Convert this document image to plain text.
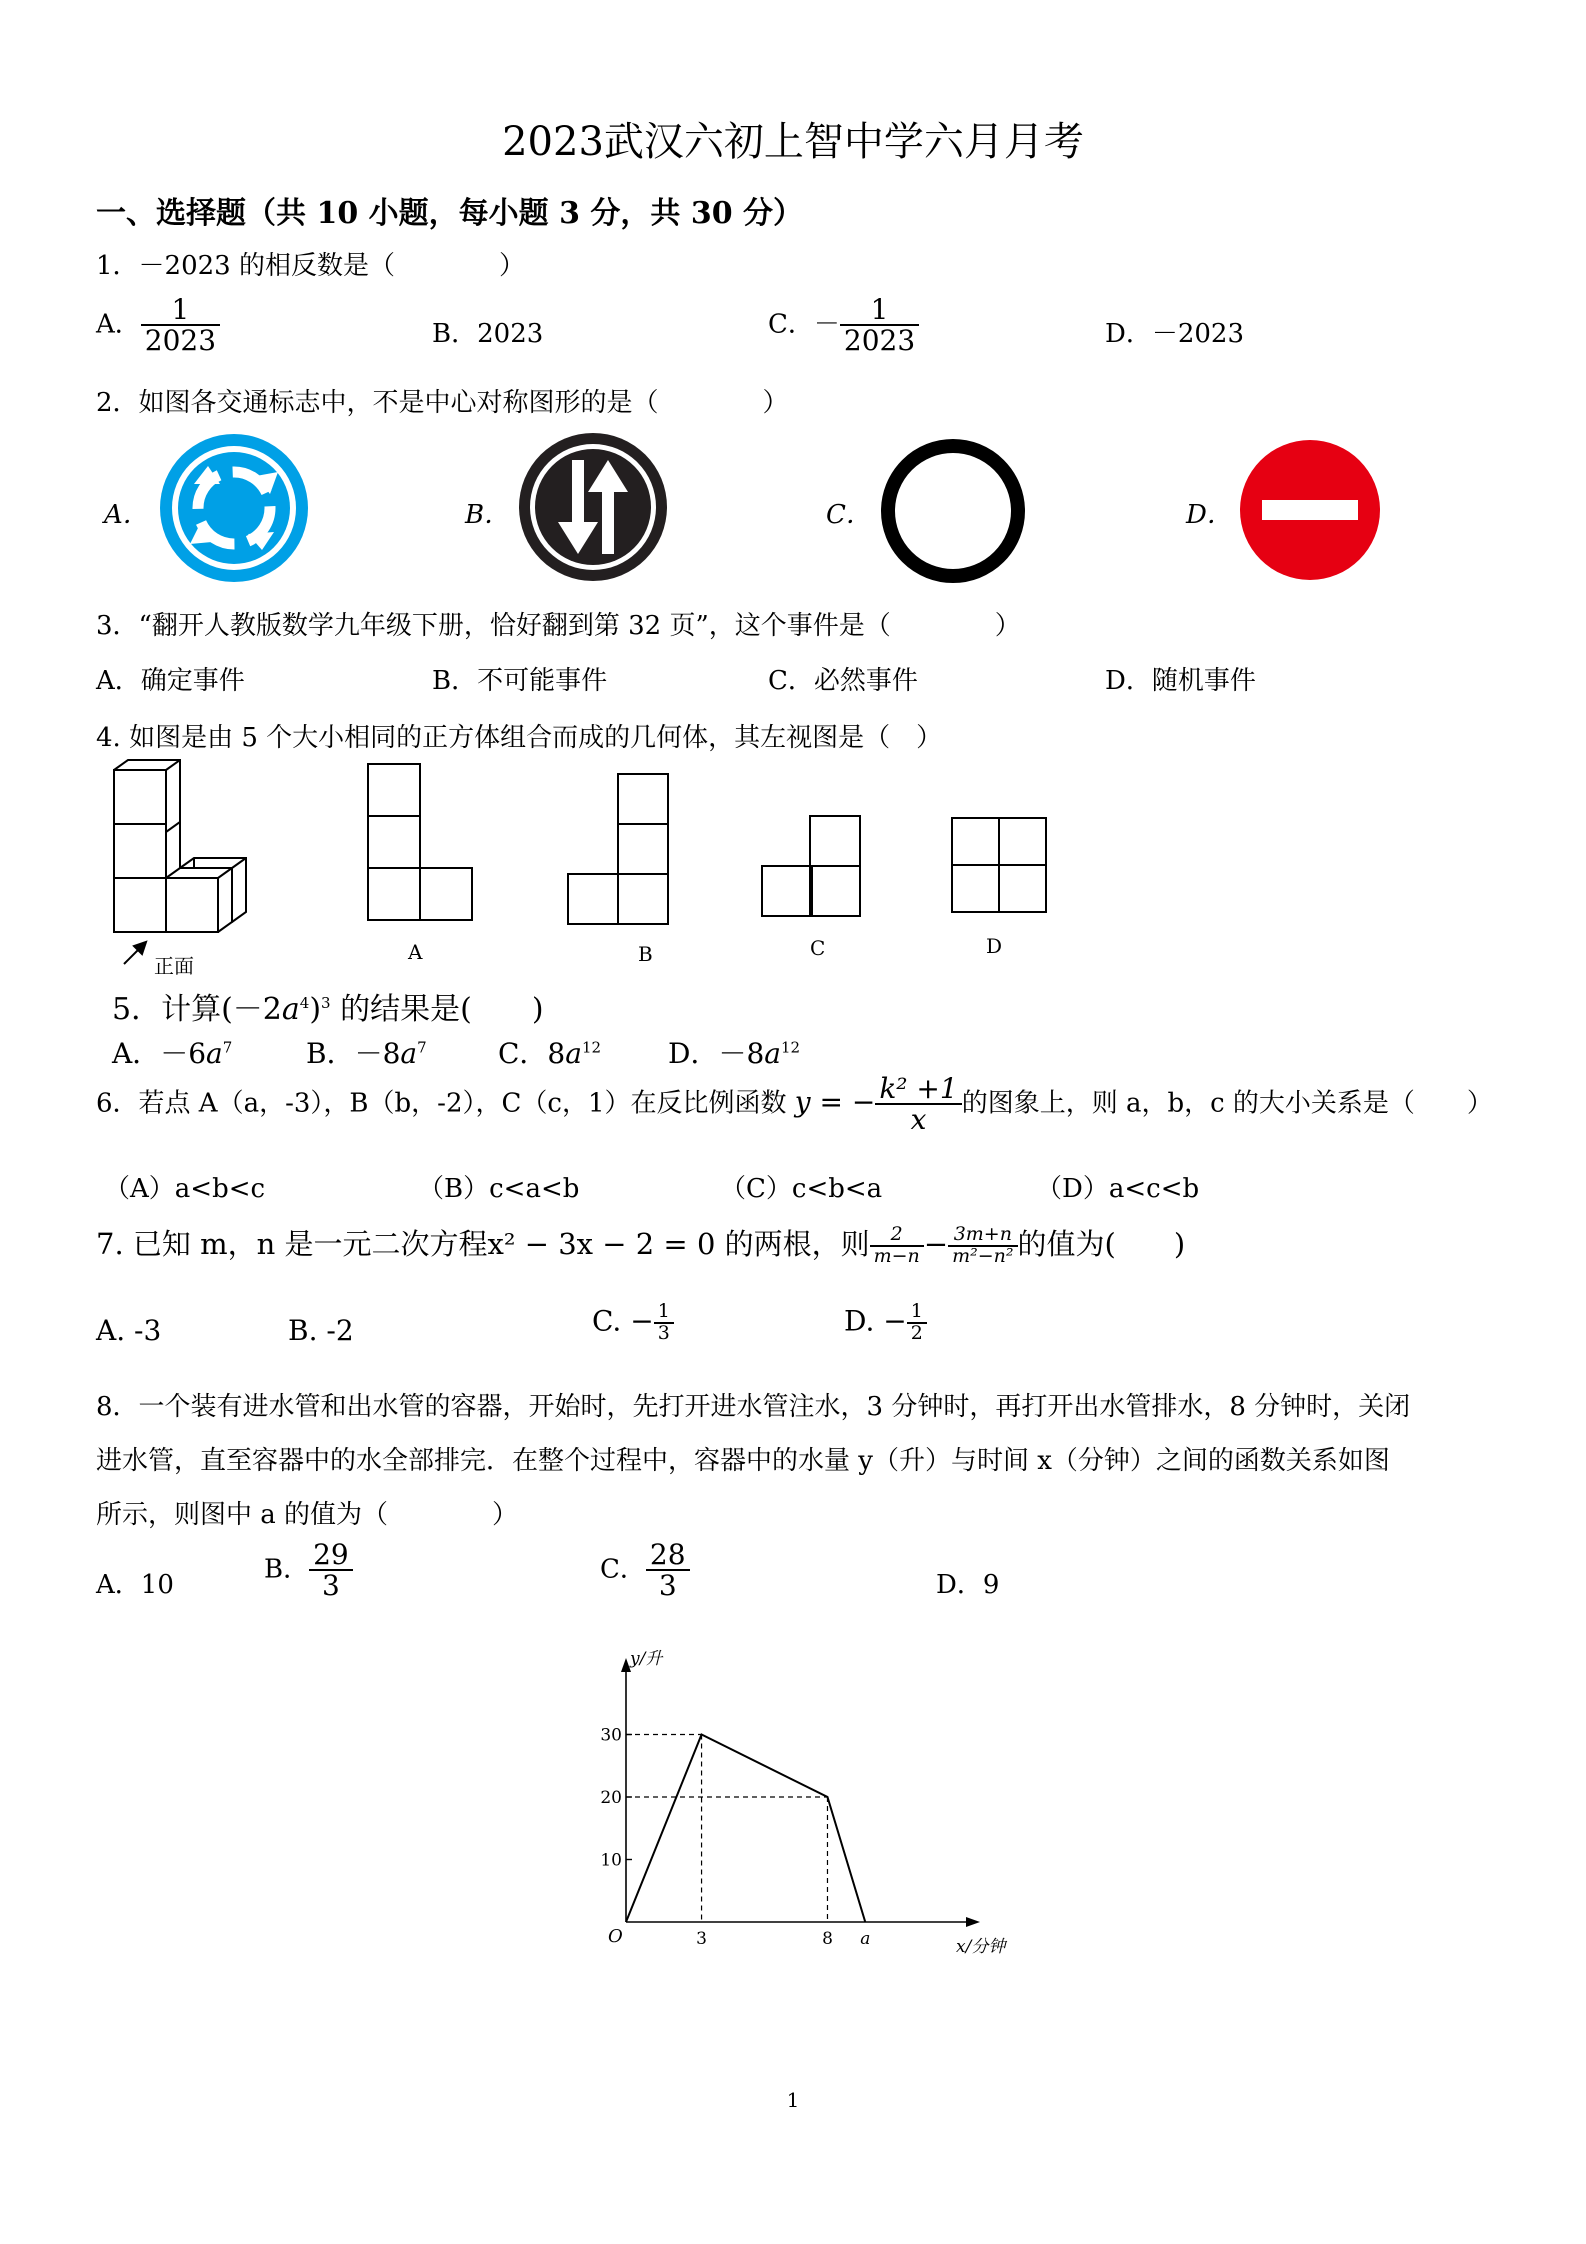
2023武汉六初上智中学六月月考
一、选择题（共 10 小题，每小题 3 分，共 30 分）
1．－2023 的相反数是（　　　　）
A． $\frac{1}{2023}$	B．2023	C．－ $\frac{1}{2023}$	D．－2023
2．如图各交通标志中，不是中心对称图形的是（　　　　）
A．	B．	C．	D．
3．“翻开人教版数学九年级下册，恰好翻到第 32 页”，这个事件是（　　　　）
A．确定事件	B．不可能事件	C．必然事件	D．随机事件
4. 如图是由 5 个大小相同的正方体组合而成的几何体，其左视图是（　）
正面
A	B	C	D
5．计算$(-2a^4)^3$ 的结果是(　　)
A．$-6a^7$	B．$-8a^7$	C．$8a^{12}$ D．$-8a^{12}$
6．若点 A（a，-3），B（b，-2），C（c，1）在反比例函数 y = − $\frac{\text{k² +1}}{x}$ 的图象上，则 a，b，c 的大小关系是（　　）
（A）a<b<c	（B）c<a<b	（C）c<b<a	（D）a<c<b
7. 已知 m，n 是一元二次方程x² − 3x − 2 = 0 的两根，则 $\frac{2}{m-n} - \frac{3m+n}{\text{m²−n²}}$ 的值为(　　)
A. -3	B. -2	C. − $\frac{1}{3}$	D. − $\frac{1}{2}$
8．一个装有进水管和出水管的容器，开始时，先打开进水管注水，3 分钟时，再打开出水管排水，8 分钟时，关闭
进水管，直至容器中的水全部排完．在整个过程中，容器中的水量 y（升）与时间 x（分钟）之间的函数关系如图
所示，则图中 a 的值为（　　　　）
A．10
B． $\frac{29}{3}$	C． $\frac{28}{3}$	D．9
y/升
x/分钟
O
10
20
30
3	8 a
1
